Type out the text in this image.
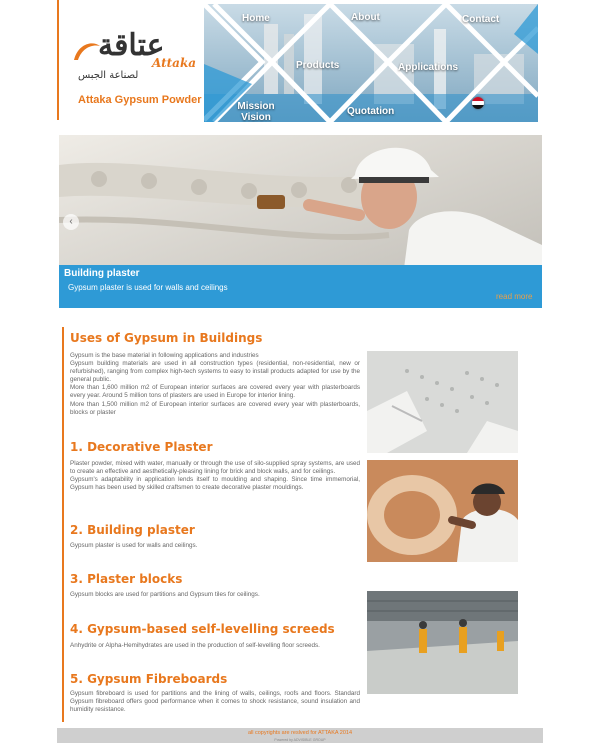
عتاقة
Attaka
لصناعة الجبس
Attaka Gypsum Powder
Home	About	Contact
Products	Applications
Mission Vision
Quotation
‹
Building plaster
Gypsum plaster is used for walls and ceilings
read more
Uses of Gypsum in Buildings
Gypsum is the base material in following applications and industries
Gypsum building materials are used in all construction types (residential, non-residential, new or refurbished), ranging from complex high-tech systems to easy to install products adapted for use by the general public.
More than 1,600 million m2 of European interior surfaces are covered every year with plasterboards every year. Around 5 million tons of plasters are used in Europe for interior lining.
More than 1,500 million m2 of European interior surfaces are covered every year with plasterboards, blocks or plaster
1. Decorative Plaster
Plaster powder, mixed with water, manually or through the use of silo-supplied spray systems, are used to create an effective and aesthetically-pleasing lining for brick and block walls, and for ceilings.
Gypsum's adaptability in application lends itself to moulding and shaping. Since time immemorial, Gypsum has been used by skilled craftsmen to create decorative plaster mouldings.
2. Building plaster
Gypsum plaster is used for walls and ceilings.
3. Plaster blocks
Gypsum blocks are used for partitions and Gypsum tiles for ceilings.
4. Gypsum-based self-levelling screeds
Anhydrite or Alpha-Hemihydrates are used in the production of self-levelling floor screeds.
5. Gypsum Fibreboards
Gypsum fibreboard is used for partitions and the lining of walls, ceilings, roofs and floors. Standard Gypsum fibreboard offers good performance when it comes to shock resistance, sound insulation and humidity resistance.
all copyrights are reslved for ATTAKA 2014
Powered by ADVISIBLE GROUP
